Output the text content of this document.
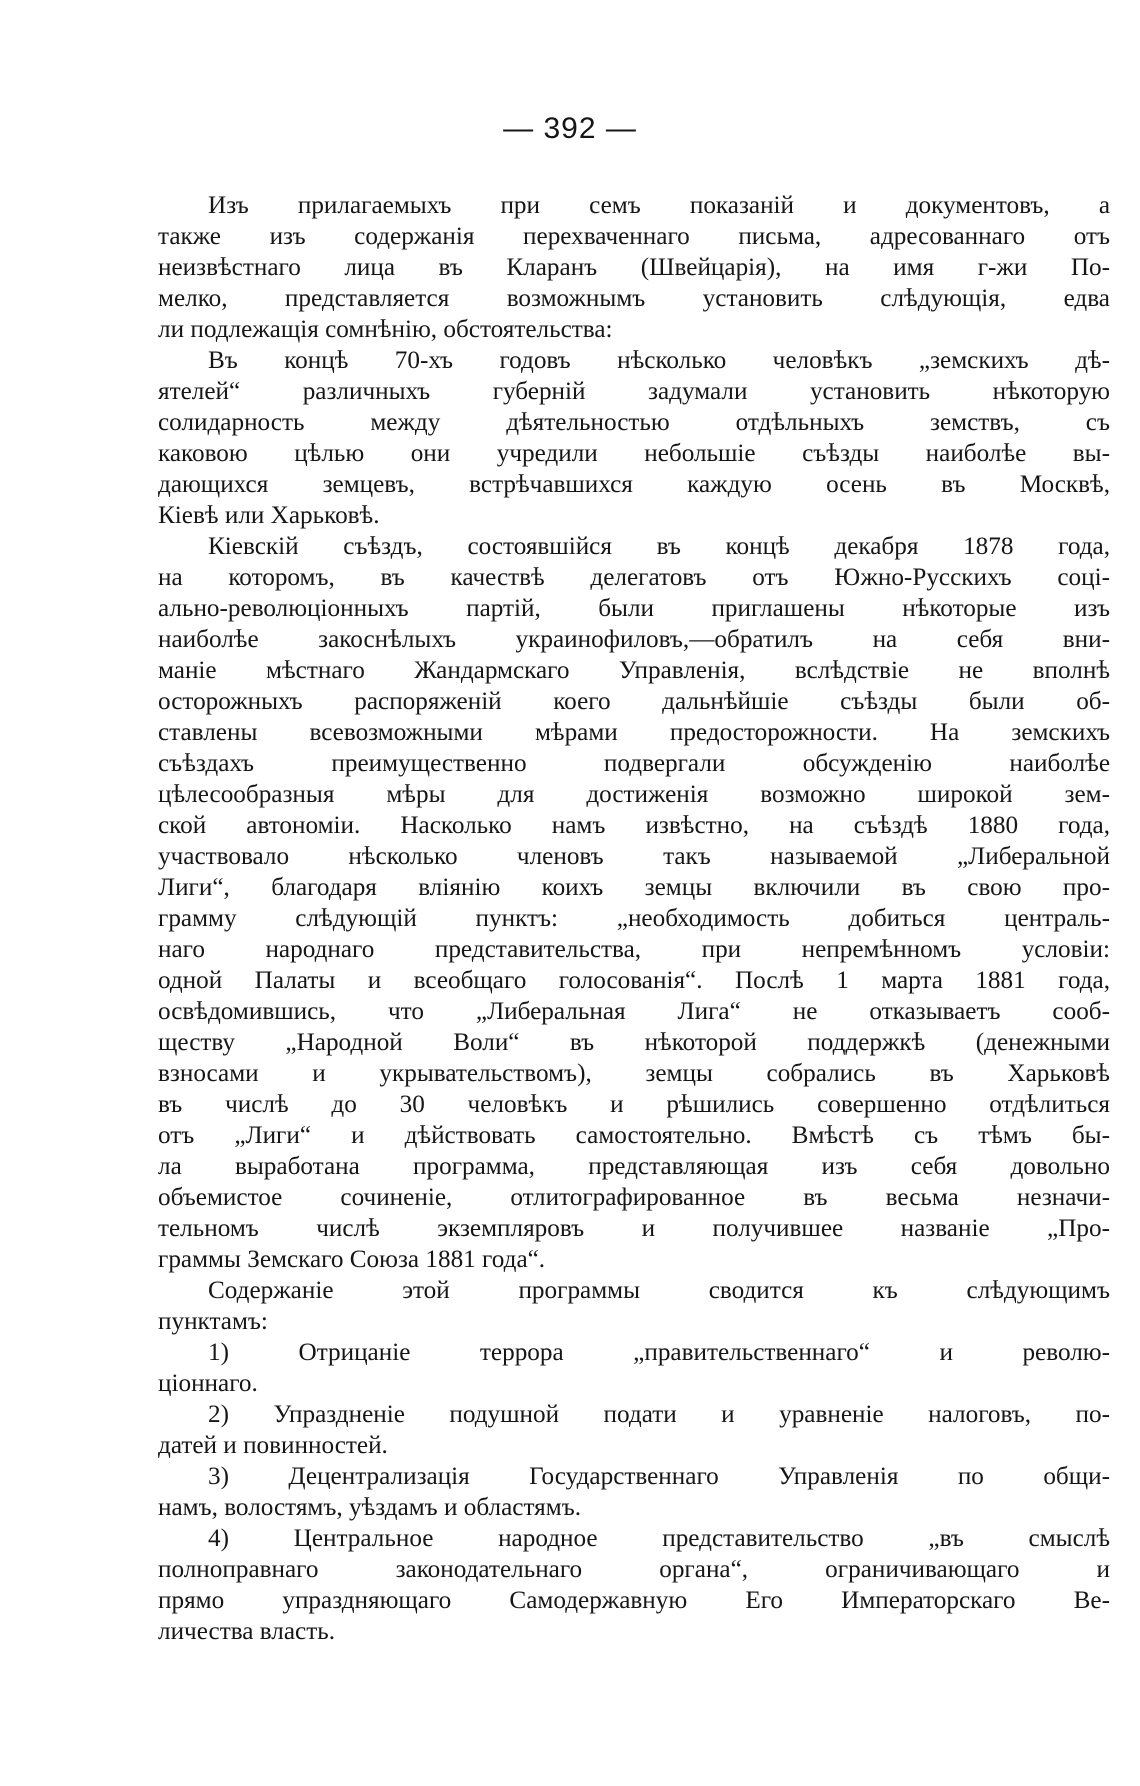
— 392 —
Изъ прилагаемыхъ при семъ показаній и документовъ, а
также изъ содержанія перехваченнаго письма, адресованнаго отъ
неизвѣстнаго лица въ Кларанъ (Швейцарія), на имя г-жи По-
мелко, представляется возможнымъ установить слѣдующія, едва
ли подлежащія сомнѣнію, обстоятельства:
Въ концѣ 70-хъ годовъ нѣсколько человѣкъ „земскихъ дѣ-
ятелей“ различныхъ губерній задумали установить нѣкоторую
солидарность между дѣятельностью отдѣльныхъ земствъ, съ
каковою цѣлью они учредили небольшіе съѣзды наиболѣе вы-
дающихся земцевъ, встрѣчавшихся каждую осень въ Москвѣ,
Кіевѣ или Харьковѣ.
Кіевскій съѣздъ, состоявшійся въ концѣ декабря 1878 года,
на которомъ, въ качествѣ делегатовъ отъ Южно-Русскихъ соці-
ально-революціонныхъ партій, были приглашены нѣкоторые изъ
наиболѣе закоснѣлыхъ украинофиловъ,—обратилъ на себя вни-
маніе мѣстнаго Жандармскаго Управленія, вслѣдствіе не вполнѣ
осторожныхъ распоряженій коего дальнѣйшіе съѣзды были об-
ставлены всевозможными мѣрами предосторожности. На земскихъ
съѣздахъ преимущественно подвергали обсужденію наиболѣе
цѣлесообразныя мѣры для достиженія возможно широкой зем-
ской автономіи. Насколько намъ извѣстно, на съѣздѣ 1880 года,
участвовало нѣсколько членовъ такъ называемой „Либеральной
Лиги“, благодаря вліянію коихъ земцы включили въ свою про-
грамму слѣдующій пунктъ: „необходимость добиться централь-
наго народнаго представительства, при непремѣнномъ условіи:
одной Палаты и всеобщаго голосованія“. Послѣ 1 марта 1881 года,
освѣдомившись, что „Либеральная Лига“ не отказываетъ сооб-
ществу „Народной Воли“ въ нѣкоторой поддержкѣ (денежными
взносами и укрывательствомъ), земцы собрались въ Харьковѣ
въ числѣ до 30 человѣкъ и рѣшились совершенно отдѣлиться
отъ „Лиги“ и дѣйствовать самостоятельно. Вмѣстѣ съ тѣмъ бы-
ла выработана программа, представляющая изъ себя довольно
объемистое сочиненіе, отлитографированное въ весьма незначи-
тельномъ числѣ экземпляровъ и получившее названіе „Про-
граммы Земскаго Союза 1881 года“.
Содержаніе этой программы сводится къ слѣдующимъ
пунктамъ:
1) Отрицаніе террора „правительственнаго“ и револю-
ціоннаго.
2) Упраздненіе подушной подати и уравненіе налоговъ, по-
датей и повинностей.
3) Децентрализація Государственнаго Управленія по общи-
намъ, волостямъ, уѣздамъ и областямъ.
4) Центральное народное представительство „въ смыслѣ
полноправнаго законодательнаго органа“, ограничивающаго и
прямо упраздняющаго Самодержавную Его Императорскаго Ве-
личества власть.
